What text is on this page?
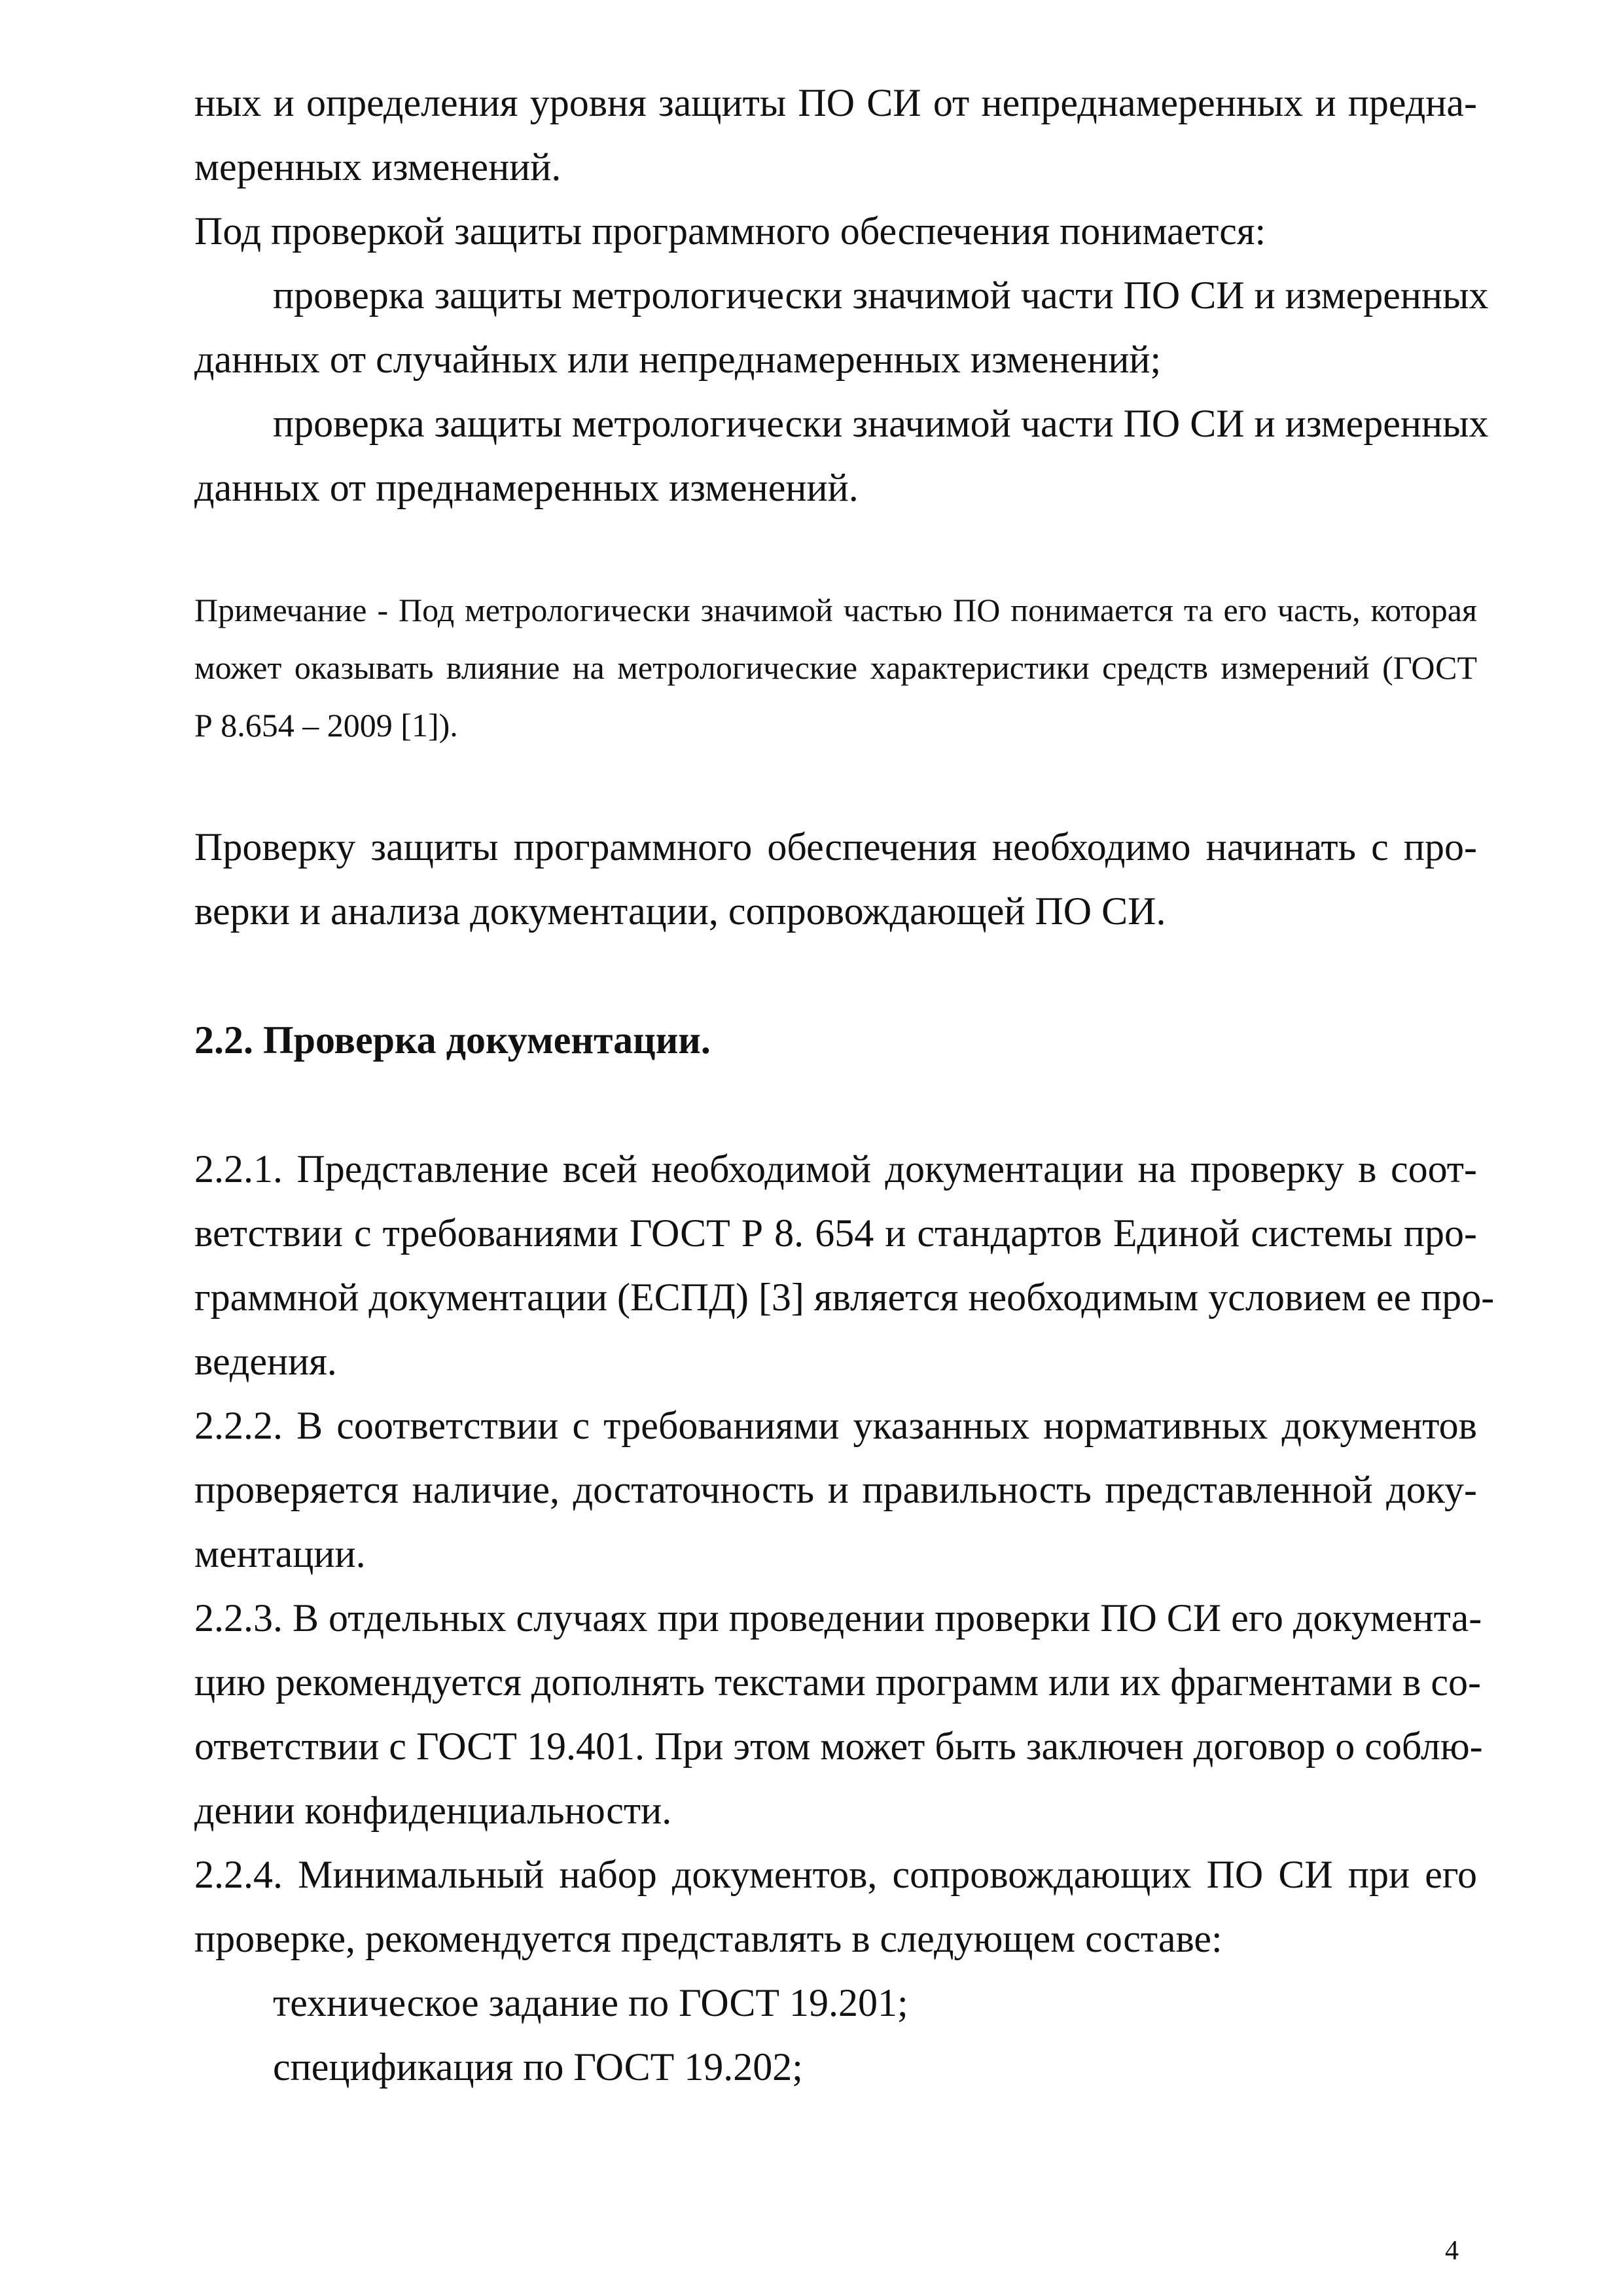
ных и определения уровня защиты ПО СИ от непреднамеренных и предна-
меренных изменений.
Под проверкой защиты программного обеспечения понимается:
проверка защиты метрологически значимой части ПО СИ и измеренных
данных от случайных или непреднамеренных изменений;
проверка защиты метрологически значимой части ПО СИ и измеренных
данных от преднамеренных изменений.
Примечание - Под метрологически значимой частью ПО понимается та его часть, которая
может оказывать влияние на метрологические характеристики средств измерений (ГОСТ
Р 8.654 – 2009 [1]).
Проверку защиты программного обеспечения необходимо начинать с про-
верки и анализа документации, сопровождающей ПО СИ.
2.2. Проверка документации.
2.2.1. Представление всей необходимой документации на проверку в соот-
ветствии с требованиями ГОСТ Р 8. 654 и стандартов Единой системы про-
граммной документации (ЕСПД) [3] является необходимым условием ее про-
ведения.
2.2.2. В соответствии с требованиями указанных нормативных документов
проверяется наличие, достаточность и правильность представленной доку-
ментации.
2.2.3. В отдельных случаях при проведении проверки ПО СИ его документа-
цию рекомендуется дополнять текстами программ или их фрагментами в со-
ответствии с ГОСТ 19.401. При этом может быть заключен договор о соблю-
дении конфиденциальности.
2.2.4. Минимальный набор документов, сопровождающих ПО СИ при его
проверке, рекомендуется представлять в следующем составе:
техническое задание по ГОСТ 19.201;
спецификация по ГОСТ 19.202;
4
